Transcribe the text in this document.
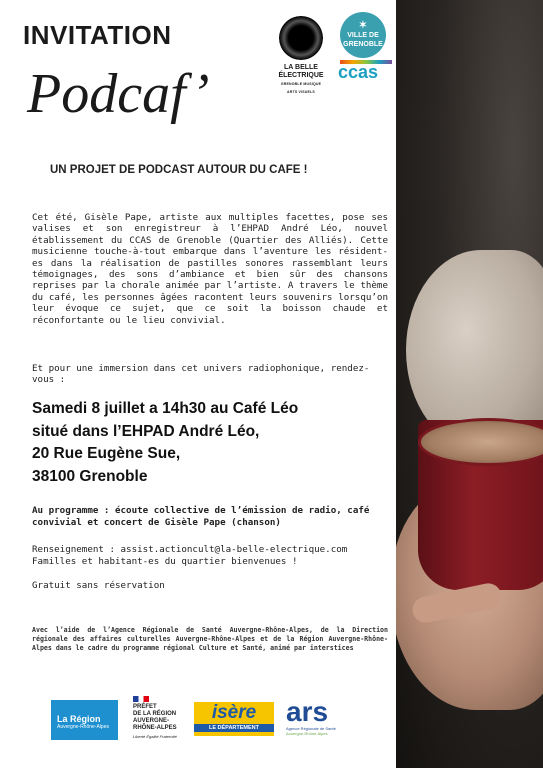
INVITATION
Podcaf’	LA BELLE
ÉLECTRIQUE
GRENOBLE MUSIQUE ARTS VISUELS
✶
VILLE DE
GRENOBLE
ccas
UN PROJET DE PODCAST AUTOUR DU CAFE !

Cet été, Gisèle Pape, artiste aux multiples facettes, pose ses valises et son enregistreur à l’EHPAD André Léo, nouvel établissement du CCAS de Grenoble (Quartier des Alliés). Cette musicienne touche-à-tout embarque dans l’aventure les résident-es dans la réalisation de pastilles sonores rassemblant leurs témoignages, des sons d’ambiance et bien sûr des chansons reprises par la chorale animée par l’artiste. A travers le thème du café, les personnes âgées racontent leurs souvenirs lorsqu’on leur évoque ce sujet, que ce soit la boisson chaude et réconfortante ou le lieu convivial.

Et pour une immersion dans cet univers radiophonique, rendez-vous :

Samedi 8 juillet a 14h30 au Café Léo
situé dans l’EHPAD André Léo,
20 Rue Eugène Sue,
38100 Grenoble

Au programme : écoute collective de l’émission de radio, café convivial et concert de Gisèle Pape (chanson)

Renseignement : assist.actioncult@la-belle-electrique.com
Familles et habitant-es du quartier bienvenues !
Gratuit sans réservation

Avec l’aide de l’Agence Régionale de Santé Auvergne-Rhône-Alpes, de la Direction régionale des affaires culturelles Auvergne-Rhône-Alpes et de la Région Auvergne-Rhône-Alpes dans le cadre du programme régional Culture et Santé, animé par interstices

La Région
Auvergne-Rhône-Alpes
PRÉFET
DE LA RÉGION
AUVERGNE-
RHÔNE-ALPES
Liberté Égalité Fraternité
isère
LE DÉPARTEMENT
ars
Agence Régionale de Santé
Auvergne-Rhône-Alpes
